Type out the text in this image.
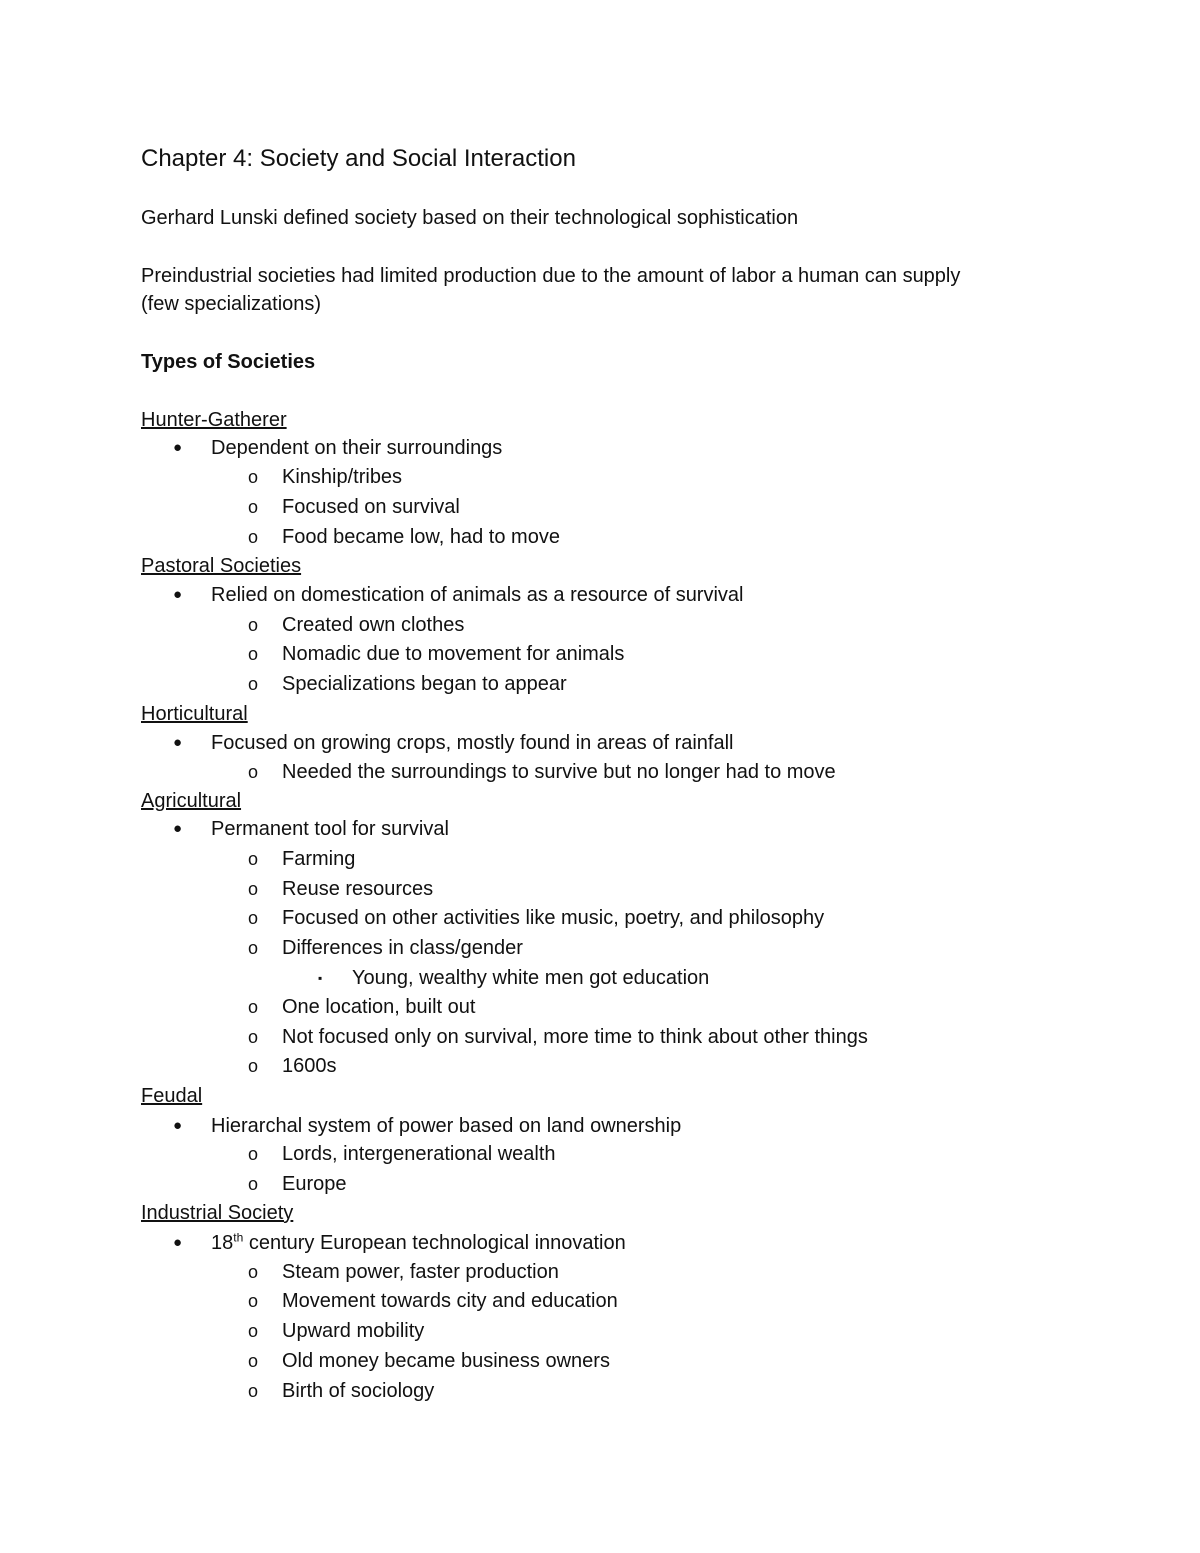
Chapter 4: Society and Social Interaction
Gerhard Lunski defined society based on their technological sophistication
Preindustrial societies had limited production due to the amount of labor a human can supply
(few specializations)
Types of Societies
Hunter-Gatherer
● Dependent on their surroundings
o Kinship/tribes
o Focused on survival
o Food became low, had to move
Pastoral Societies
● Relied on domestication of animals as a resource of survival
o Created own clothes
o Nomadic due to movement for animals
o Specializations began to appear
Horticultural
● Focused on growing crops, mostly found in areas of rainfall
o Needed the surroundings to survive but no longer had to move
Agricultural
● Permanent tool for survival
o Farming
o Reuse resources
o Focused on other activities like music, poetry, and philosophy
o Differences in class/gender
▪ Young, wealthy white men got education
o One location, built out
o Not focused only on survival, more time to think about other things
o 1600s
Feudal
● Hierarchal system of power based on land ownership
o Lords, intergenerational wealth
o Europe
Industrial Society
● 18th century European technological innovation
o Steam power, faster production
o Movement towards city and education
o Upward mobility
o Old money became business owners
o Birth of sociology
